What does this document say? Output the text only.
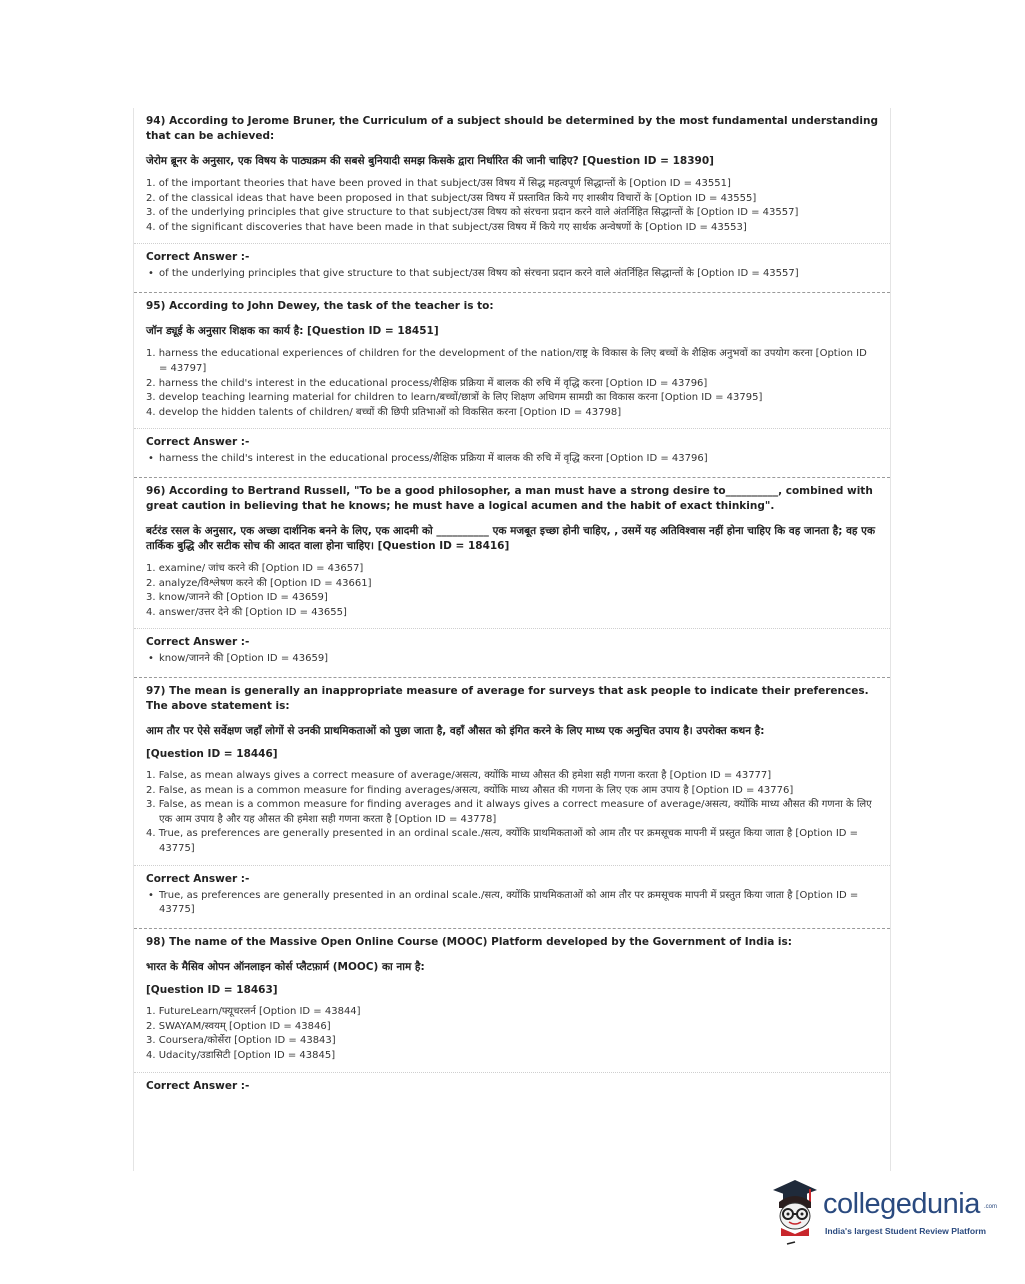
94) According to Jerome Bruner, the Curriculum of a subject should be determined by the most fundamental understanding that can be achieved:

जेरोम ब्रूनर के अनुसार, एक विषय के पाठ्यक्रम की सबसे बुनियादी समझ किसके द्वारा निर्धारित की जानी चाहिए? [Question ID = 18390]

1. of the important theories that have been proved in that subject/उस विषय में सिद्ध महत्वपूर्ण सिद्धान्तों के [Option ID = 43551]
2. of the classical ideas that have been proposed in that subject/उस विषय में प्रस्तावित किये गए शास्त्रीय विचारों के [Option ID = 43555]
3. of the underlying principles that give structure to that subject/उस विषय को संरचना प्रदान करने वाले अंतर्निहित सिद्धान्तों के [Option ID = 43557]
4. of the significant discoveries that have been made in that subject/उस विषय में किये गए सार्थक अन्वेषणों के [Option ID = 43553]

Correct Answer :-

• of the underlying principles that give structure to that subject/उस विषय को संरचना प्रदान करने वाले अंतर्निहित सिद्धान्तों के [Option ID = 43557]

95) According to John Dewey, the task of the teacher is to:

जॉन ड्यूई के अनुसार शिक्षक का कार्य है: [Question ID = 18451]

1. harness the educational experiences of children for the development of the nation/राष्ट्र के विकास के लिए बच्चों के शैक्षिक अनुभवों का उपयोग करना [Option ID = 43797]
2. harness the child's interest in the educational process/शैक्षिक प्रक्रिया में बालक की रुचि में वृद्धि करना [Option ID = 43796]
3. develop teaching learning material for children to learn/बच्चों/छात्रों के लिए शिक्षण अधिगम सामग्री का विकास करना [Option ID = 43795]
4. develop the hidden talents of children/ बच्चों की छिपी प्रतिभाओं को विकसित करना [Option ID = 43798]

Correct Answer :-

• harness the child's interest in the educational process/शैक्षिक प्रक्रिया में बालक की रुचि में वृद्धि करना [Option ID = 43796]

96) According to Bertrand Russell, "To be a good philosopher, a man must have a strong desire to__________, combined with great caution in believing that he knows; he must have a logical acumen and the habit of exact thinking".

बर्टरंड रसल के अनुसार, एक अच्छा दार्शनिक बनने के लिए, एक आदमी को __________ एक मजबूत इच्छा होनी चाहिए, , उसमें यह अतिविश्वास नहीं होना चाहिए कि वह जानता है; वह एक तार्किक बुद्धि और सटीक सोच की आदत वाला होना चाहिए। [Question ID = 18416]

1. examine/ जांच करने की [Option ID = 43657]
2. analyze/विश्लेषण करने की [Option ID = 43661]
3. know/जानने की [Option ID = 43659]
4. answer/उत्तर देने की [Option ID = 43655]

Correct Answer :-

• know/जानने की [Option ID = 43659]

97) The mean is generally an inappropriate measure of average for surveys that ask people to indicate their preferences. The above statement is:

आम तौर पर ऐसे सर्वेक्षण जहाँ लोगों से उनकी प्राथमिकताओं को पुछा जाता है, वहाँ औसत को इंगित करने के लिए माध्य एक अनुचित उपाय है। उपरोक्त कथन है:

[Question ID = 18446]

1. False, as mean always gives a correct measure of average/असत्य, क्योंकि माध्य औसत की हमेशा सही गणना करता है [Option ID = 43777]
2. False, as mean is a common measure for finding averages/असत्य, क्योंकि माध्य औसत की गणना के लिए एक आम उपाय है [Option ID = 43776]
3. False, as mean is a common measure for finding averages and it always gives a correct measure of average/असत्य, क्योंकि माध्य औसत की गणना के लिए एक आम उपाय है और यह औसत की हमेशा सही गणना करता है [Option ID = 43778]
4. True, as preferences are generally presented in an ordinal scale./सत्य, क्योंकि प्राथमिकताओं को आम तौर पर क्रमसूचक मापनी में प्रस्तुत किया जाता है [Option ID = 43775]

Correct Answer :-

• True, as preferences are generally presented in an ordinal scale./सत्य, क्योंकि प्राथमिकताओं को आम तौर पर क्रमसूचक मापनी में प्रस्तुत किया जाता है [Option ID = 43775]

98) The name of the Massive Open Online Course (MOOC) Platform developed by the Government of India is:

भारत के मैसिव ओपन ऑनलाइन कोर्स प्लैटफ़ार्म (MOOC) का नाम है:

[Question ID = 18463]

1. FutureLearn/फ्यूचरलर्न [Option ID = 43844]
2. SWAYAM/स्वयम् [Option ID = 43846]
3. Coursera/कोर्सेरा [Option ID = 43843]
4. Udacity/उडासिटी [Option ID = 43845]

Correct Answer :-

collegedunia .com
India's largest Student Review Platform
